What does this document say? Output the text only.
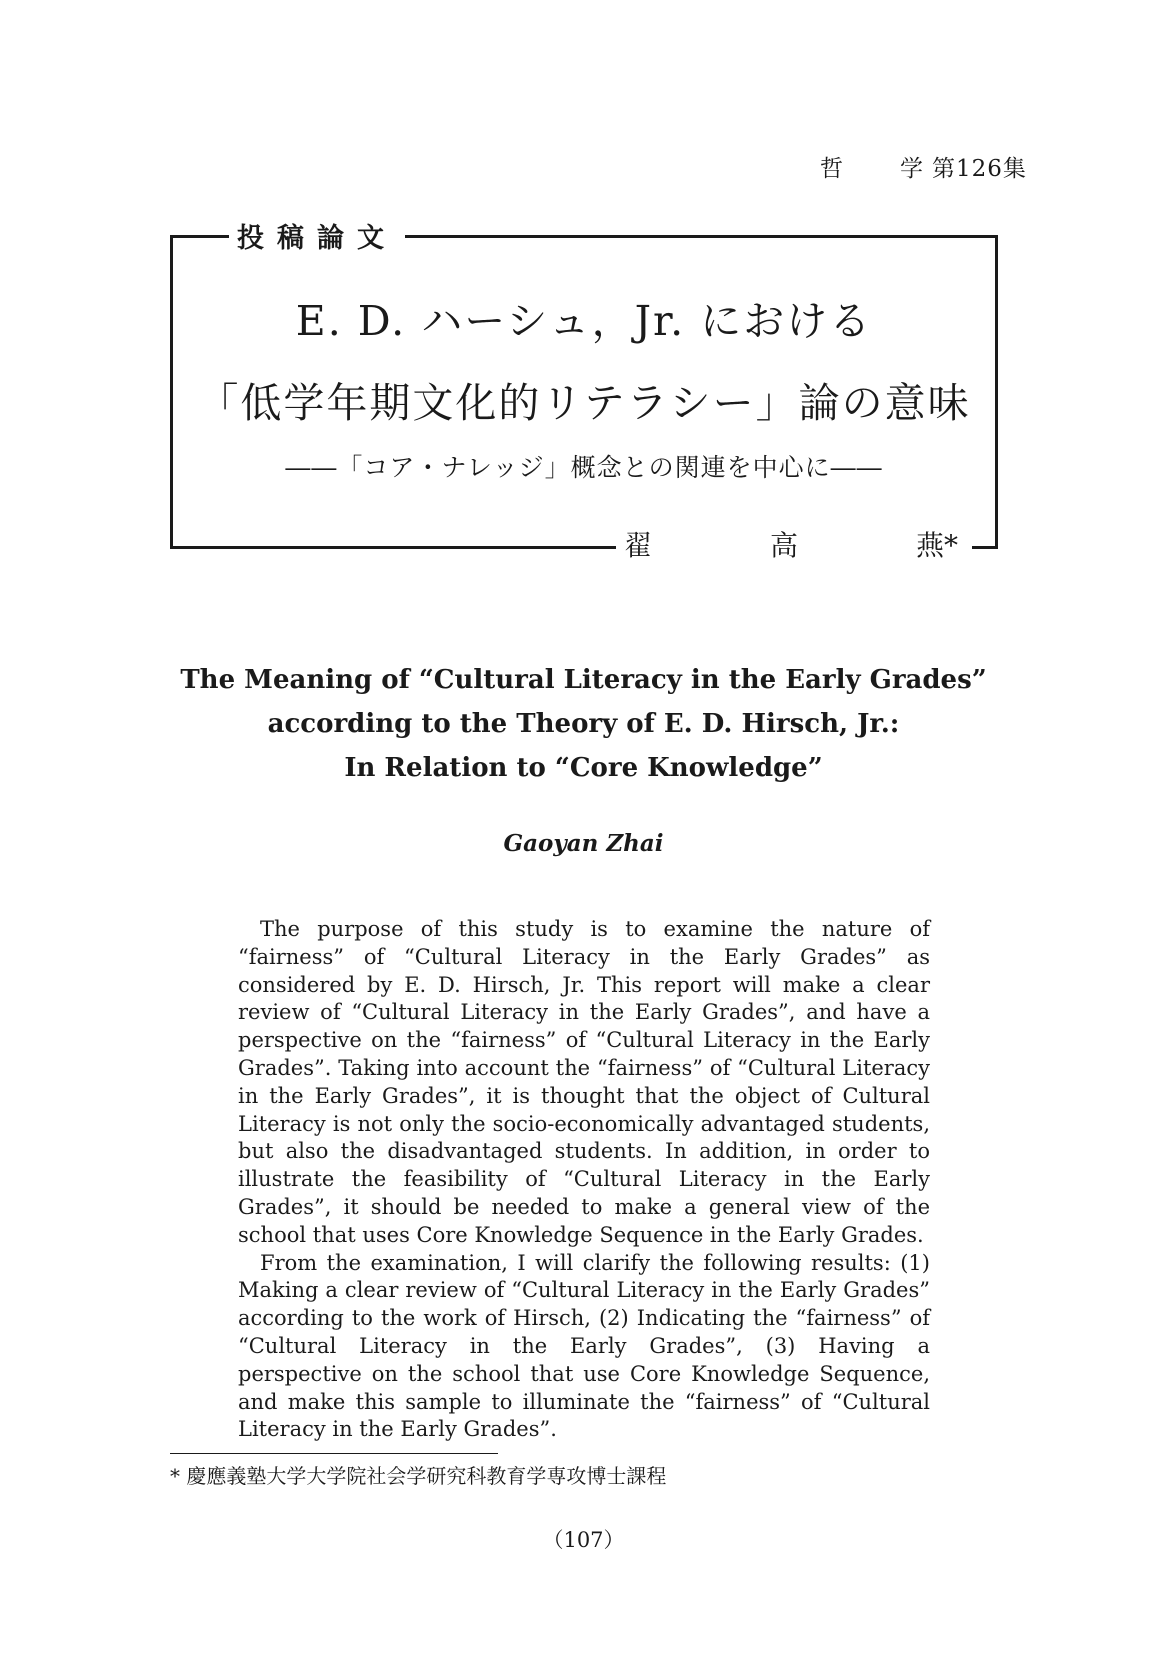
哲 学 第126集
投稿論文
E. D. ハーシュ，Jr. における
「低学年期文化的リテラシー」論の意味
――「コア・ナレッジ」概念との関連を中心に――
翟	高	燕*
The Meaning of “Cultural Literacy in the Early Grades”
according to the Theory of E. D. Hirsch, Jr.:
In Relation to “Core Knowledge”
Gaoyan Zhai

The purpose of this study is to examine the nature of “fairness” of “Cultural Literacy in the Early Grades” as considered by E. D. Hirsch, Jr. This report will make a clear review of “Cultural Literacy in the Early Grades”, and have a perspective on the “fairness” of “Cultural Literacy in the Early Grades”. Taking into account the “fairness” of “Cultural Literacy in the Early Grades”, it is thought that the object of Cultural Literacy is not only the socio-economically advantaged students, but also the disadvantaged students. In addition, in order to illustrate the feasibility of “Cultural Literacy in the Early Grades”, it should be needed to make a general view of the school that uses Core Knowledge Sequence in the Early Grades.

From the examination, I will clarify the following results: (1) Making a clear review of “Cultural Literacy in the Early Grades” according to the work of Hirsch, (2) Indicating the “fairness” of “Cultural Literacy in the Early Grades”, (3) Having a perspective on the school that use Core Knowledge Sequence, and make this sample to illuminate the “fairness” of “Cultural Literacy in the Early Grades”.

* 慶應義塾大学大学院社会学研究科教育学専攻博士課程
（107）
